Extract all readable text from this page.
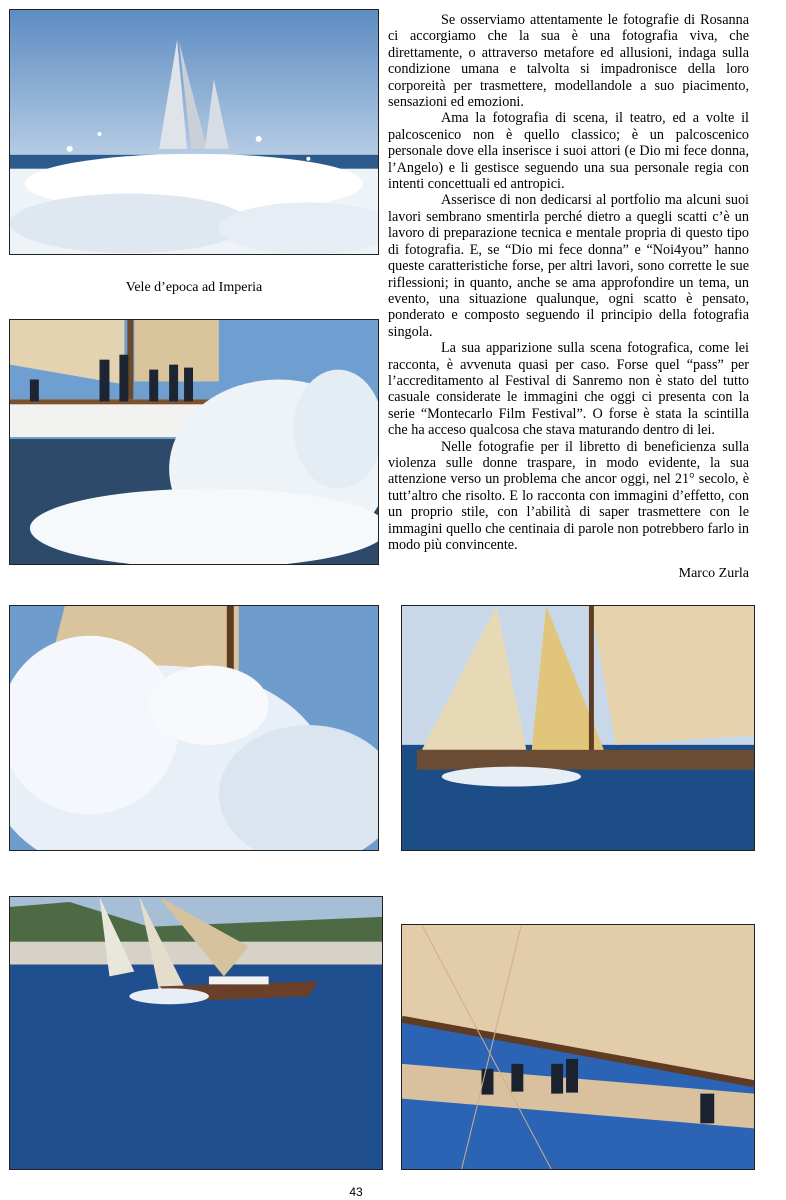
Vele d’epoca ad Imperia

Se osserviamo attentamente le fotografie di Rosanna ci accorgiamo che la sua è una fotografia viva, che direttamente, o attraverso metafore ed allusioni, indaga sulla condizione umana e talvolta si impadronisce della loro corporeità per trasmettere, modellandole a suo piacimento, sensazioni ed emozioni.

Ama la fotografia di scena, il teatro, ed a volte il palcoscenico non è quello classico; è un palcoscenico personale dove ella inserisce i suoi attori (e Dio mi fece donna, l’Angelo) e li gestisce seguendo una sua personale regia con intenti concettuali ed antropici.

Asserisce di non dedicarsi al portfolio ma alcuni suoi lavori sembrano smentirla perché dietro a quegli scatti c’è un lavoro di preparazione tecnica e mentale propria di questo tipo di fotografia. E, se “Dio mi fece donna” e “Noi4you” hanno queste caratteristiche forse, per altri lavori, sono corrette le sue riflessioni; in quanto, anche se ama approfondire un tema, un evento, una situazione qualunque, ogni scatto è pensato, ponderato e composto seguendo il principio della fotografia singola.

La sua apparizione sulla scena fotografica, come lei racconta, è avvenuta quasi per caso. Forse quel “pass” per l’accreditamento al Festival di Sanremo non è stato del tutto casuale considerate le immagini che oggi ci presenta con la serie “Montecarlo Film Festival”. O forse è stata la scintilla che ha acceso qualcosa che stava maturando dentro di lei.

Nelle fotografie per il libretto di beneficienza sulla violenza sulle donne traspare, in modo evidente, la sua attenzione verso un problema che ancor oggi, nel 21° secolo, è tutt’altro che risolto. E lo racconta con immagini d’effetto, con un proprio stile, con l’abilità di saper trasmettere con le immagini quello che centinaia di parole non potrebbero farlo in modo più convincente.

Marco Zurla
43
